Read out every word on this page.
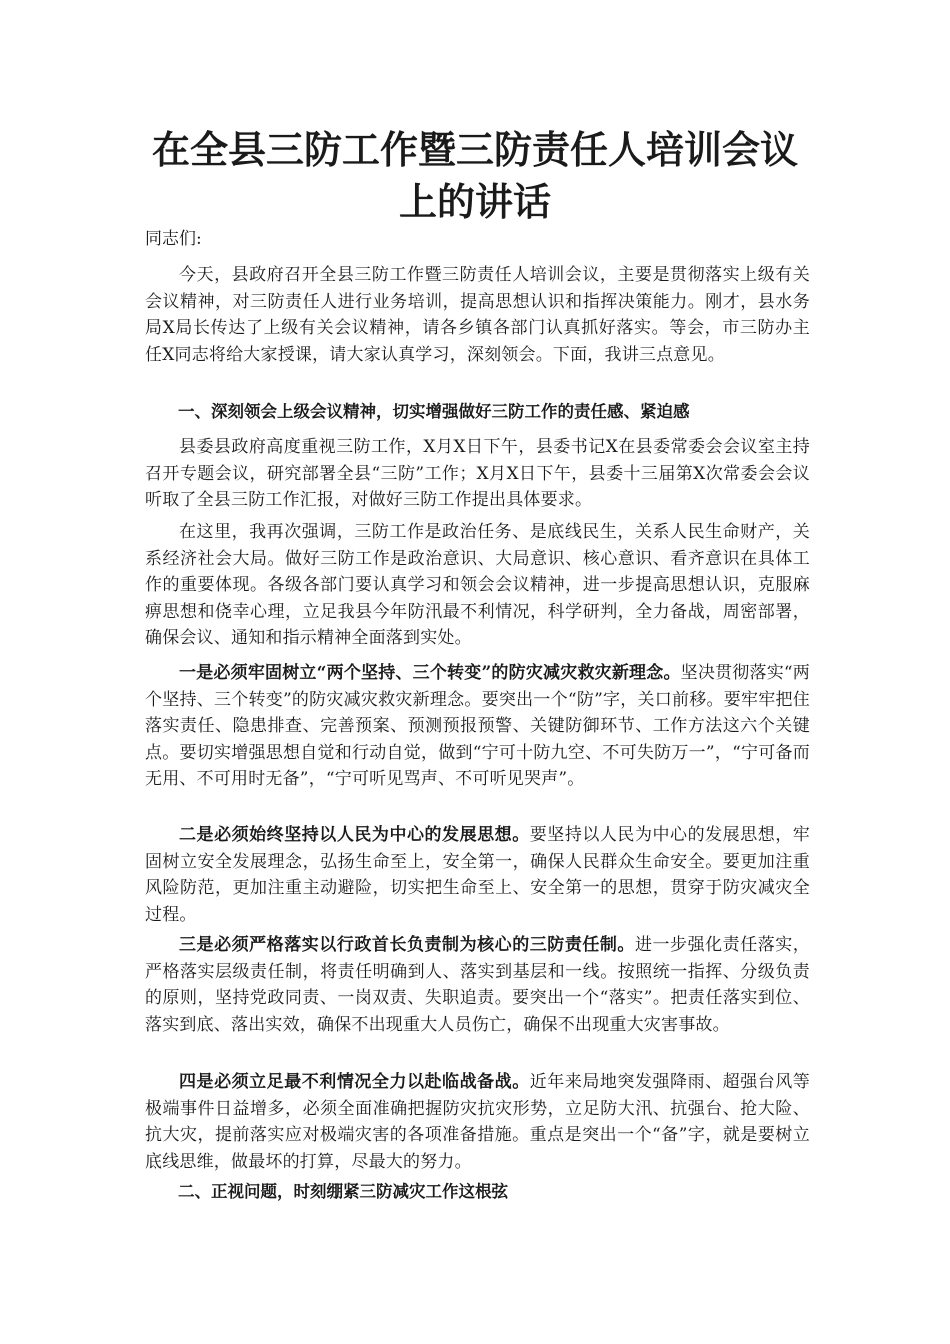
在全县三防工作暨三防责任人培训会议上的讲话

同志们:

今天，县政府召开全县三防工作暨三防责任人培训会议，主要是贯彻落实上级有关会议精神，对三防责任人进行业务培训，提高思想认识和指挥决策能力。刚才，县水务局X局长传达了上级有关会议精神，请各乡镇各部门认真抓好落实。等会，市三防办主任X同志将给大家授课，请大家认真学习，深刻领会。下面，我讲三点意见。

一、深刻领会上级会议精神，切实增强做好三防工作的责任感、紧迫感

县委县政府高度重视三防工作，X月X日下午，县委书记X在县委常委会会议室主持召开专题会议，研究部署全县“三防”工作；X月X日下午，县委十三届第X次常委会会议听取了全县三防工作汇报，对做好三防工作提出具体要求。

在这里，我再次强调，三防工作是政治任务、是底线民生，关系人民生命财产，关系经济社会大局。做好三防工作是政治意识、大局意识、核心意识、看齐意识在具体工作的重要体现。各级各部门要认真学习和领会会议精神，进一步提高思想认识，克服麻痹思想和侥幸心理，立足我县今年防汛最不利情况，科学研判，全力备战，周密部署，确保会议、通知和指示精神全面落到实处。

一是必须牢固树立“两个坚持、三个转变”的防灾减灾救灾新理念。坚决贯彻落实“两个坚持、三个转变”的防灾减灾救灾新理念。要突出一个“防”字，关口前移。要牢牢把住落实责任、隐患排查、完善预案、预测预报预警、关键防御环节、工作方法这六个关键点。要切实增强思想自觉和行动自觉，做到“宁可十防九空、不可失防万一”，“宁可备而无用、不可用时无备”，“宁可听见骂声、不可听见哭声”。

二是必须始终坚持以人民为中心的发展思想。要坚持以人民为中心的发展思想，牢固树立安全发展理念，弘扬生命至上，安全第一，确保人民群众生命安全。要更加注重风险防范，更加注重主动避险，切实把生命至上、安全第一的思想，贯穿于防灾减灾全过程。

三是必须严格落实以行政首长负责制为核心的三防责任制。进一步强化责任落实，严格落实层级责任制，将责任明确到人、落实到基层和一线。按照统一指挥、分级负责的原则，坚持党政同责、一岗双责、失职追责。要突出一个“落实”。把责任落实到位、落实到底、落出实效，确保不出现重大人员伤亡，确保不出现重大灾害事故。

四是必须立足最不利情况全力以赴临战备战。近年来局地突发强降雨、超强台风等极端事件日益增多，必须全面准确把握防灾抗灾形势，立足防大汛、抗强台、抢大险、抗大灾，提前落实应对极端灾害的各项准备措施。重点是突出一个“备”字，就是要树立底线思维，做最坏的打算，尽最大的努力。

二、正视问题，时刻绷紧三防减灾工作这根弦
